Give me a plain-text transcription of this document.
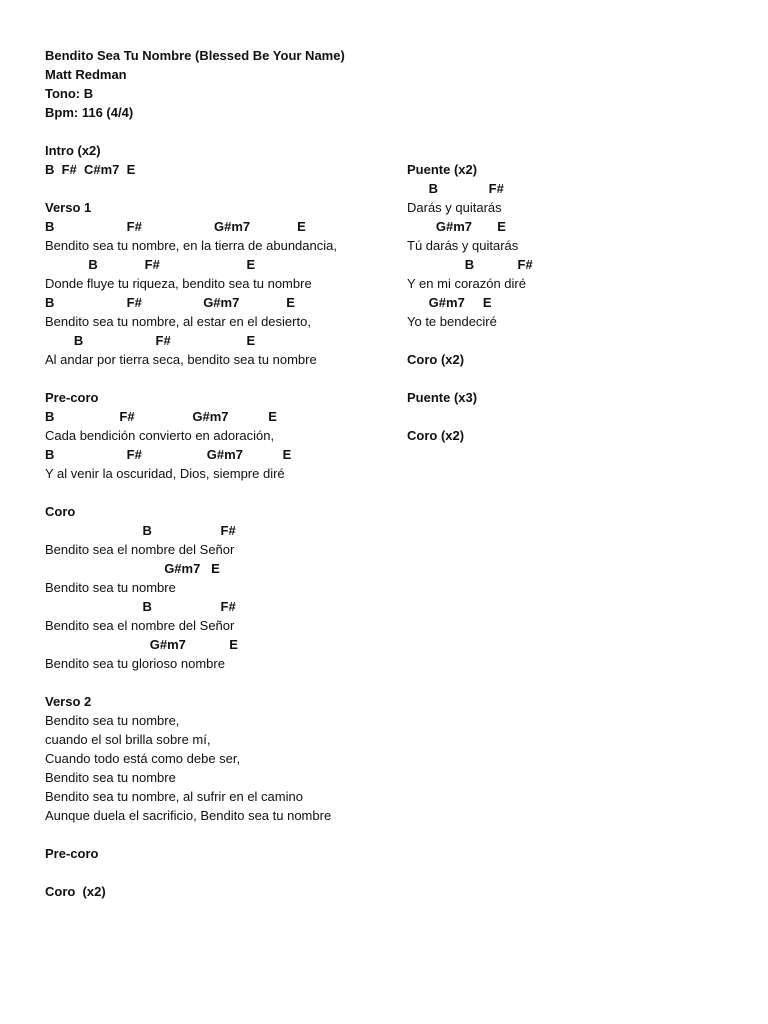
Bendito Sea Tu Nombre (Blessed Be Your Name)
Matt Redman
Tono: B
Bpm: 116 (4/4)
Intro (x2)
B  F#  C#m7  E
Verso 1
B                    F#                    G#m7             E
Bendito sea tu nombre, en la tierra de abundancia,
B             F#                        E
Donde fluye tu riqueza, bendito sea tu nombre
B                    F#                 G#m7             E
Bendito sea tu nombre, al estar en el desierto,
B                    F#                     E
Al andar por tierra seca, bendito sea tu nombre
Pre-coro
B                  F#                G#m7           E
Cada bendición convierto en adoración,
B                    F#                  G#m7           E
Y al venir la oscuridad, Dios, siempre diré
Coro
B                   F#
Bendito sea el nombre del Señor
G#m7   E
Bendito sea tu nombre
B                   F#
Bendito sea el nombre del Señor
G#m7            E
Bendito sea tu glorioso nombre
Verso 2
Bendito sea tu nombre,
cuando el sol brilla sobre mí,
Cuando todo está como debe ser,
Bendito sea tu nombre
Bendito sea tu nombre, al sufrir en el camino
Aunque duela el sacrificio, Bendito sea tu nombre
Pre-coro
Coro  (x2)
Puente (x2)
B              F#
Darás y quitarás
G#m7       E
Tú darás y quitarás
B            F#
Y en mi corazón diré
G#m7     E
Yo te bendeciré
Coro (x2)
Puente (x3)
Coro (x2)
